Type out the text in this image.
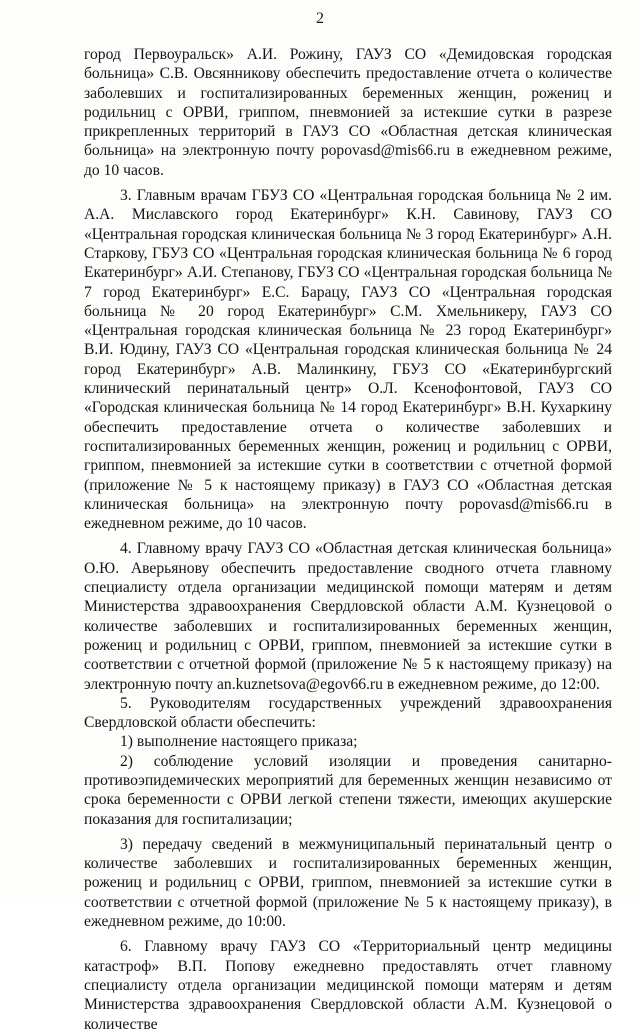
2

город Первоуральск» А.И. Рожину, ГАУЗ СО «Демидовская городская больница» С.В. Овсянникову обеспечить предоставление отчета о количестве заболевших и госпитализированных беременных женщин, рожениц и родильниц с ОРВИ, гриппом, пневмонией за истекшие сутки в разрезе прикрепленных территорий в ГАУЗ СО «Областная детская клиническая больница» на электронную почту popovasd@mis66.ru в ежедневном режиме, до 10 часов.

3. Главным врачам ГБУЗ СО «Центральная городская больница № 2 им. А.А. Миславского город Екатеринбург» К.Н. Савинову, ГАУЗ СО «Центральная городская клиническая больница № 3 город Екатеринбург» А.Н. Старкову, ГБУЗ СО «Центральная городская клиническая больница № 6 город Екатеринбург» А.И. Степанову, ГБУЗ СО «Центральная городская больница № 7 город Екатеринбург» Е.С. Барацу, ГАУЗ СО «Центральная городская больница № 20 город Екатеринбург» С.М. Хмельникеру, ГАУЗ СО «Центральная городская клиническая больница № 23 город Екатеринбург» В.И. Юдину, ГАУЗ СО «Центральная городская клиническая больница № 24 город Екатеринбург» А.В. Малинкину, ГБУЗ СО «Екатеринбургский клинический перинатальный центр» О.Л. Ксенофонтовой, ГАУЗ СО «Городская клиническая больница № 14 город Екатеринбург» В.Н. Кухаркину обеспечить предоставление отчета о количестве заболевших и госпитализированных беременных женщин, рожениц и родильниц с ОРВИ, гриппом, пневмонией за истекшие сутки в соответствии с отчетной формой (приложение № 5 к настоящему приказу) в ГАУЗ СО «Областная детская клиническая больница» на электронную почту popovasd@mis66.ru в ежедневном режиме, до 10 часов.

4. Главному врачу ГАУЗ СО «Областная детская клиническая больница» О.Ю. Аверьянову обеспечить предоставление сводного отчета главному специалисту отдела организации медицинской помощи матерям и детям Министерства здравоохранения Свердловской области А.М. Кузнецовой о количестве заболевших и госпитализированных беременных женщин, рожениц и родильниц с ОРВИ, гриппом, пневмонией за истекшие сутки в соответствии с отчетной формой (приложение № 5 к настоящему приказу) на электронную почту an.kuznetsova@egov66.ru в ежедневном режиме, до 12:00.

5. Руководителям государственных учреждений здравоохранения Свердловской области обеспечить:

1) выполнение настоящего приказа;

2) соблюдение условий изоляции и проведения санитарно-противоэпидемических мероприятий для беременных женщин независимо от срока беременности с ОРВИ легкой степени тяжести, имеющих акушерские показания для госпитализации;

3) передачу сведений в межмуниципальный перинатальный центр о количестве заболевших и госпитализированных беременных женщин, рожениц и родильниц с ОРВИ, гриппом, пневмонией за истекшие сутки в соответствии с отчетной формой (приложение № 5 к настоящему приказу), в ежедневном режиме, до 10:00.

6. Главному врачу ГАУЗ СО «Территориальный центр медицины катастроф» В.П. Попову ежедневно предоставлять отчет главному специалисту отдела организации медицинской помощи матерям и детям Министерства здравоохранения Свердловской области А.М. Кузнецовой о количестве
